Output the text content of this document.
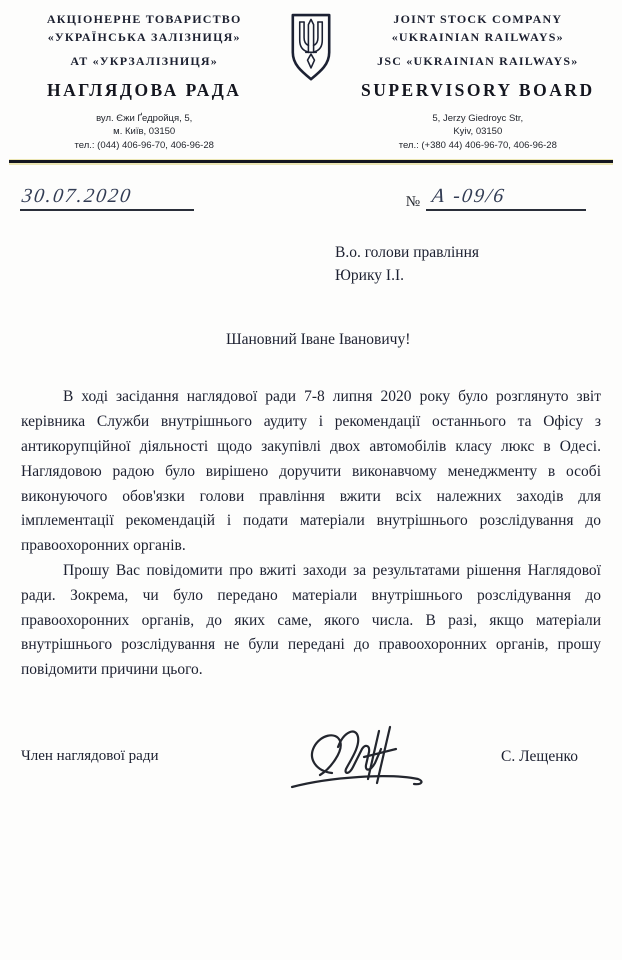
АКЦІОНЕРНЕ ТОВАРИСТВО
«УКРАЇНСЬКА ЗАЛІЗНИЦЯ»
АТ «УКРЗАЛІЗНИЦЯ»
НАГЛЯДОВА РАДА
вул. Єжи Ґедройця, 5,
м. Київ, 03150
тел.: (044) 406-96-70, 406-96-28
JOINT STOCK COMPANY
«UKRAINIAN RAILWAYS»
JSC «UKRAINIAN RAILWAYS»
SUPERVISORY BOARD
5, Jerzy Giedroyc Str,
Kyiv, 03150
тел.: (+380 44) 406-96-70, 406-96-28
30.07.2020	№ А -09/6
В.о. голови правління
Юрику І.І.
Шановний Іване Івановичу!

В ході засідання наглядової ради 7-8 липня 2020 року було розглянуто звіт керівника Служби внутрішнього аудиту і рекомендації останнього та Офісу з антикорупційної діяльності щодо закупівлі двох автомобілів класу люкс в Одесі. Наглядовою радою було вирішено доручити виконавчому менеджменту в особі виконуючого обов'язки голови правління вжити всіх належних заходів для імплементації рекомендацій і подати матеріали внутрішнього розслідування до правоохоронних органів.

Прошу Вас повідомити про вжиті заходи за результатами рішення Наглядової ради. Зокрема, чи було передано матеріали внутрішнього розслідування до правоохоронних органів, до яких саме, якого числа. В разі, якщо матеріали внутрішнього розслідування не були передані до правоохоронних органів, прошу повідомити причини цього.

Член наглядової ради	С. Лещенко
